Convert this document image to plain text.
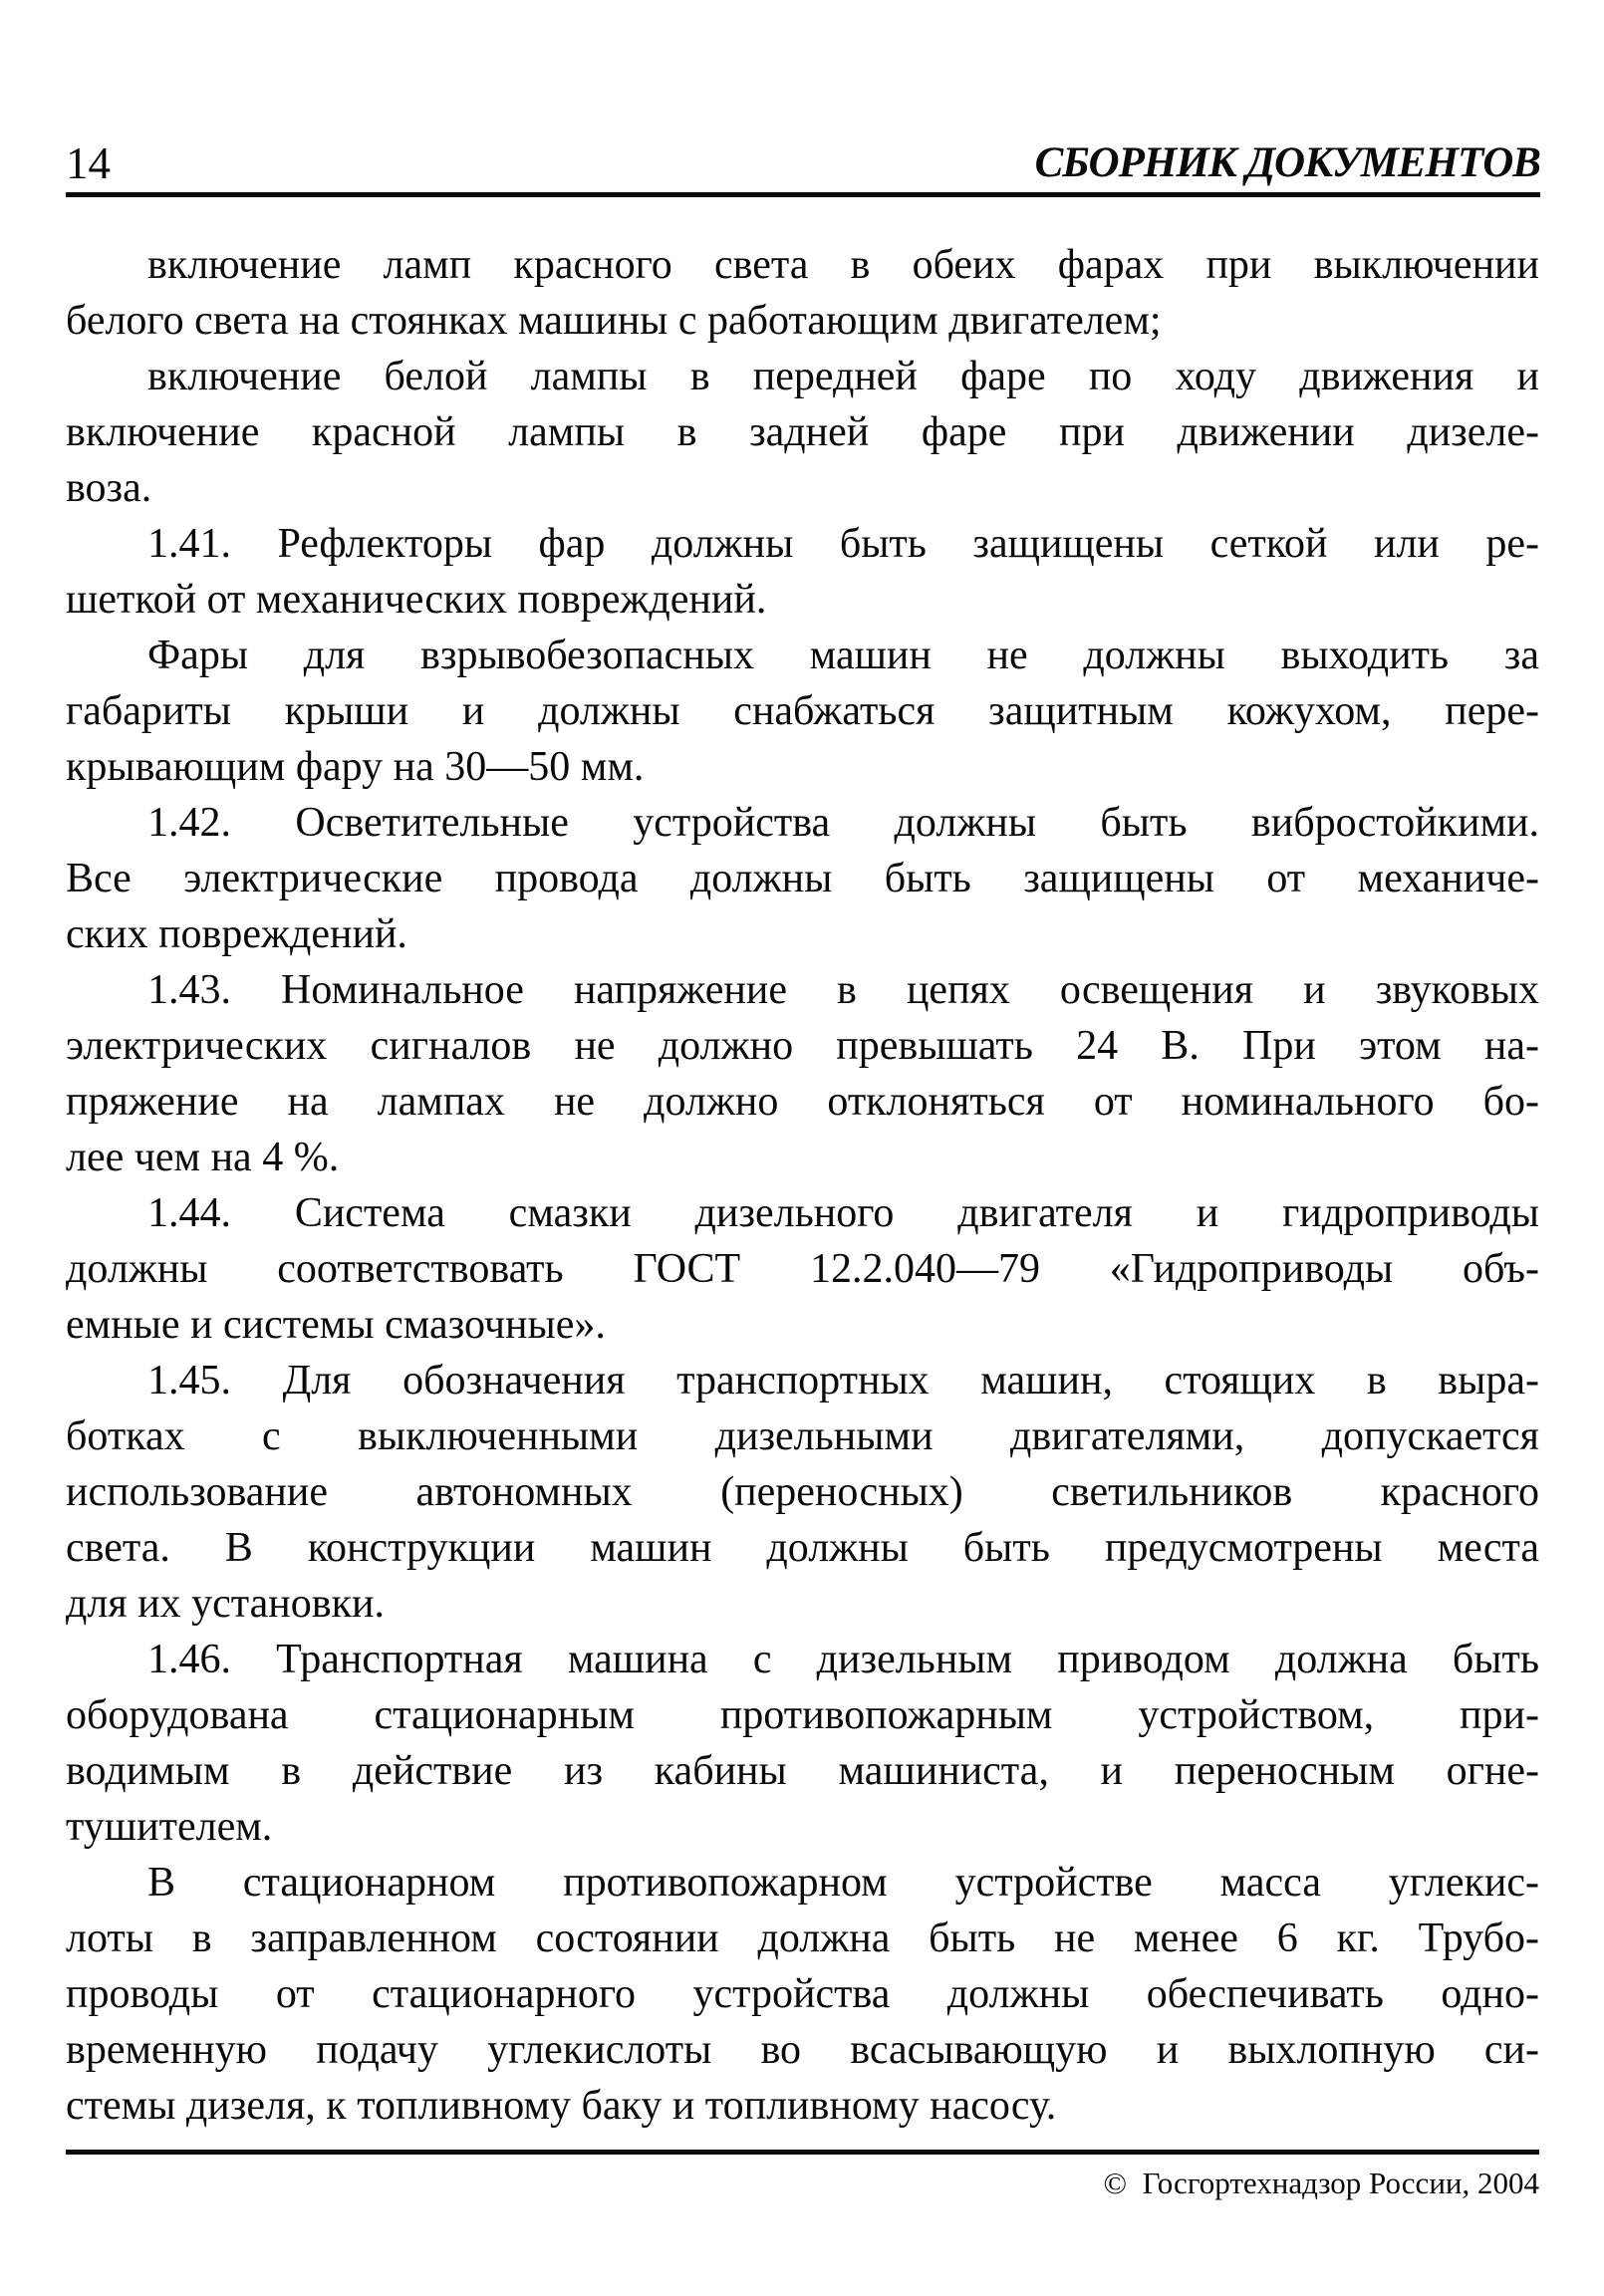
14	СБОРНИК ДОКУМЕНТОВ
включение ламп красного света в обеих фарах при выключении
белого света на стоянках машины с работающим двигателем;
включение белой лампы в передней фаре по ходу движения и
включение красной лампы в задней фаре при движении дизеле-
воза.
1.41. Рефлекторы фар должны быть защищены сеткой или ре-
шеткой от механических повреждений.
Фары для взрывобезопасных машин не должны выходить за
габариты крыши и должны снабжаться защитным кожухом, пере-
крывающим фару на 30—50 мм.
1.42. Осветительные устройства должны быть вибростойкими.
Все электрические провода должны быть защищены от механиче-
ских повреждений.
1.43. Номинальное напряжение в цепях освещения и звуковых
электрических сигналов не должно превышать 24 В. При этом на-
пряжение на лампах не должно отклоняться от номинального бо-
лее чем на 4 %.
1.44. Система смазки дизельного двигателя и гидроприводы
должны соответствовать ГОСТ 12.2.040—79 «Гидроприводы объ-
емные и системы смазочные».
1.45. Для обозначения транспортных машин, стоящих в выра-
ботках с выключенными дизельными двигателями, допускается
использование автономных (переносных) светильников красного
света. В конструкции машин должны быть предусмотрены места
для их установки.
1.46. Транспортная машина с дизельным приводом должна быть
оборудована стационарным противопожарным устройством, при-
водимым в действие из кабины машиниста, и переносным огне-
тушителем.
В стационарном противопожарном устройстве масса углекис-
лоты в заправленном состоянии должна быть не менее 6 кг. Трубо-
проводы от стационарного устройства должны обеспечивать одно-
временную подачу углекислоты во всасывающую и выхлопную си-
стемы дизеля, к топливному баку и топливному насосу.
©  Госгортехнадзор России, 2004
